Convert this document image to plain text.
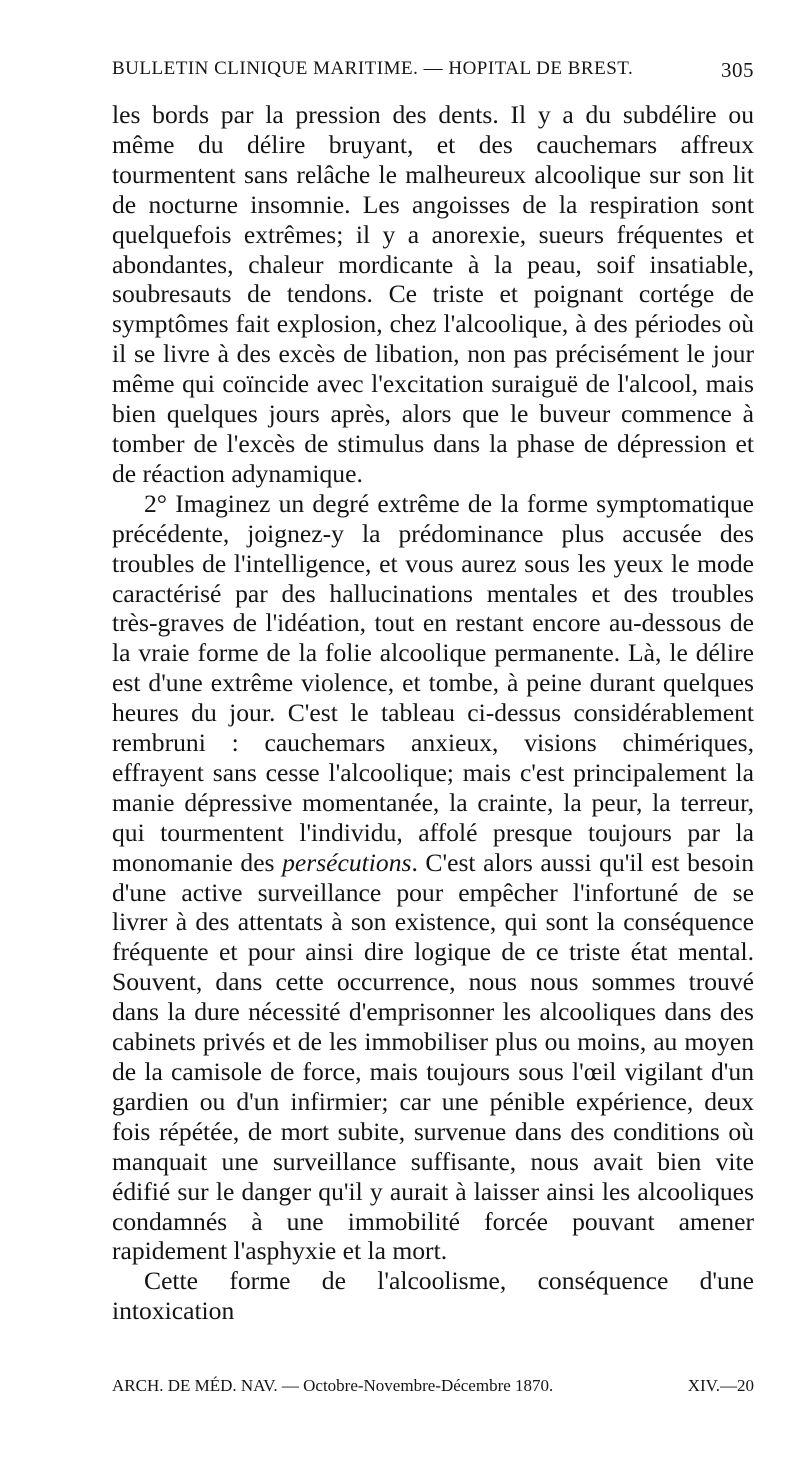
BULLETIN CLINIQUE MARITIME. — HOPITAL DE BREST.	305

les bords par la pression des dents. Il y a du subdélire ou même du délire bruyant, et des cauchemars affreux tourmentent sans relâche le malheureux alcoolique sur son lit de nocturne insomnie. Les angoisses de la respiration sont quelquefois extrêmes; il y a anorexie, sueurs fréquentes et abondantes, chaleur mordicante à la peau, soif insatiable, soubresauts de tendons. Ce triste et poignant cortége de symptômes fait explosion, chez l'alcoolique, à des périodes où il se livre à des excès de libation, non pas précisément le jour même qui coïncide avec l'excitation suraiguë de l'alcool, mais bien quelques jours après, alors que le buveur commence à tomber de l'excès de stimulus dans la phase de dépression et de réaction adynamique.

2° Imaginez un degré extrême de la forme symptomatique précédente, joignez-y la prédominance plus accusée des troubles de l'intelligence, et vous aurez sous les yeux le mode caractérisé par des hallucinations mentales et des troubles très-graves de l'idéation, tout en restant encore au-dessous de la vraie forme de la folie alcoolique permanente. Là, le délire est d'une extrême violence, et tombe, à peine durant quelques heures du jour. C'est le tableau ci-dessus considérablement rembruni : cauchemars anxieux, visions chimériques, effrayent sans cesse l'alcoolique; mais c'est principalement la manie dépressive momentanée, la crainte, la peur, la terreur, qui tourmentent l'individu, affolé presque toujours par la monomanie des persécutions. C'est alors aussi qu'il est besoin d'une active surveillance pour empêcher l'infortuné de se livrer à des attentats à son existence, qui sont la conséquence fréquente et pour ainsi dire logique de ce triste état mental. Souvent, dans cette occurrence, nous nous sommes trouvé dans la dure nécessité d'emprisonner les alcooliques dans des cabinets privés et de les immobiliser plus ou moins, au moyen de la camisole de force, mais toujours sous l'œil vigilant d'un gardien ou d'un infirmier; car une pénible expérience, deux fois répétée, de mort subite, survenue dans des conditions où manquait une surveillance suffisante, nous avait bien vite édifié sur le danger qu'il y aurait à laisser ainsi les alcooliques condamnés à une immobilité forcée pouvant amener rapidement l'asphyxie et la mort.

Cette forme de l'alcoolisme, conséquence d'une intoxication

ARCH. DE MÉD. NAV. — Octobre-Novembre-Décembre 1870.	XIV.—20
